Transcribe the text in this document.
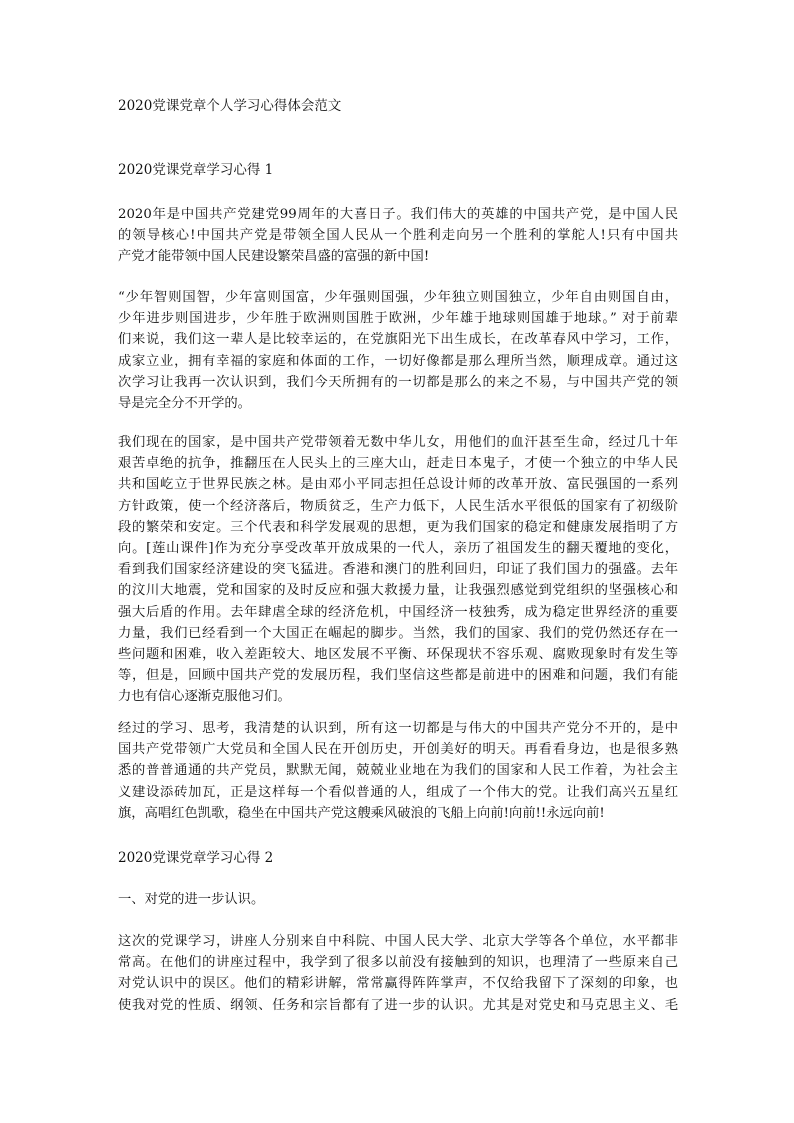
2020党课党章个人学习心得体会范文
2020党课党章学习心得 1
2020年是中国共产党建党99周年的大喜日子。我们伟大的英雄的中国共产党，是中国人民
的领导核心!中国共产党是带领全国人民从一个胜利走向另一个胜利的掌舵人!只有中国共
产党才能带领中国人民建设繁荣昌盛的富强的新中国!
“少年智则国智，少年富则国富，少年强则国强，少年独立则国独立，少年自由则国自由，
少年进步则国进步，少年胜于欧洲则国胜于欧洲，少年雄于地球则国雄于地球。” 对于前辈
们来说，我们这一辈人是比较幸运的，在党旗阳光下出生成长，在改革春风中学习，工作，
成家立业，拥有幸福的家庭和体面的工作，一切好像都是那么理所当然，顺理成章。通过这
次学习让我再一次认识到，我们今天所拥有的一切都是那么的来之不易，与中国共产党的领
导是完全分不开学的。
我们现在的国家，是中国共产党带领着无数中华儿女，用他们的血汗甚至生命，经过几十年
艰苦卓绝的抗争，推翻压在人民头上的三座大山，赶走日本鬼子，才使一个独立的中华人民
共和国屹立于世界民族之林。是由邓小平同志担任总设计师的改革开放、富民强国的一系列
方针政策，使一个经济落后，物质贫乏，生产力低下，人民生活水平很低的国家有了初级阶
段的繁荣和安定。三个代表和科学发展观的思想，更为我们国家的稳定和健康发展指明了方
向。[莲山课件]作为充分享受改革开放成果的一代人，亲历了祖国发生的翻天覆地的变化，
看到我们国家经济建设的突飞猛进。香港和澳门的胜利回归，印证了我们国力的强盛。去年
的汶川大地震，党和国家的及时反应和强大救援力量，让我强烈感觉到党组织的坚强核心和
强大后盾的作用。去年肆虐全球的经济危机，中国经济一枝独秀，成为稳定世界经济的重要
力量，我们已经看到一个大国正在崛起的脚步。当然，我们的国家、我们的党仍然还存在一
些问题和困难，收入差距较大、地区发展不平衡、环保现状不容乐观、腐败现象时有发生等
等，但是，回顾中国共产党的发展历程，我们坚信这些都是前进中的困难和问题，我们有能
力也有信心逐渐克服他习们。
经过的学习、思考，我清楚的认识到，所有这一切都是与伟大的中国共产党分不开的，是中
国共产党带领广大党员和全国人民在开创历史，开创美好的明天。再看看身边，也是很多熟
悉的普普通通的共产党员，默默无闻，兢兢业业地在为我们的国家和人民工作着，为社会主
义建设添砖加瓦，正是这样每一个看似普通的人，组成了一个伟大的党。让我们高兴五星红
旗，高唱红色凯歌，稳坐在中国共产党这艘乘风破浪的飞船上向前!向前!!永远向前!
2020党课党章学习心得 2
一、对党的进一步认识。
这次的党课学习，讲座人分别来自中科院、中国人民大学、北京大学等各个单位，水平都非
常高。在他们的讲座过程中，我学到了很多以前没有接触到的知识，也理清了一些原来自己
对党认识中的误区。他们的精彩讲解，常常赢得阵阵掌声，不仅给我留下了深刻的印象，也
使我对党的性质、纲领、任务和宗旨都有了进一步的认识。尤其是对党史和马克思主义、毛
